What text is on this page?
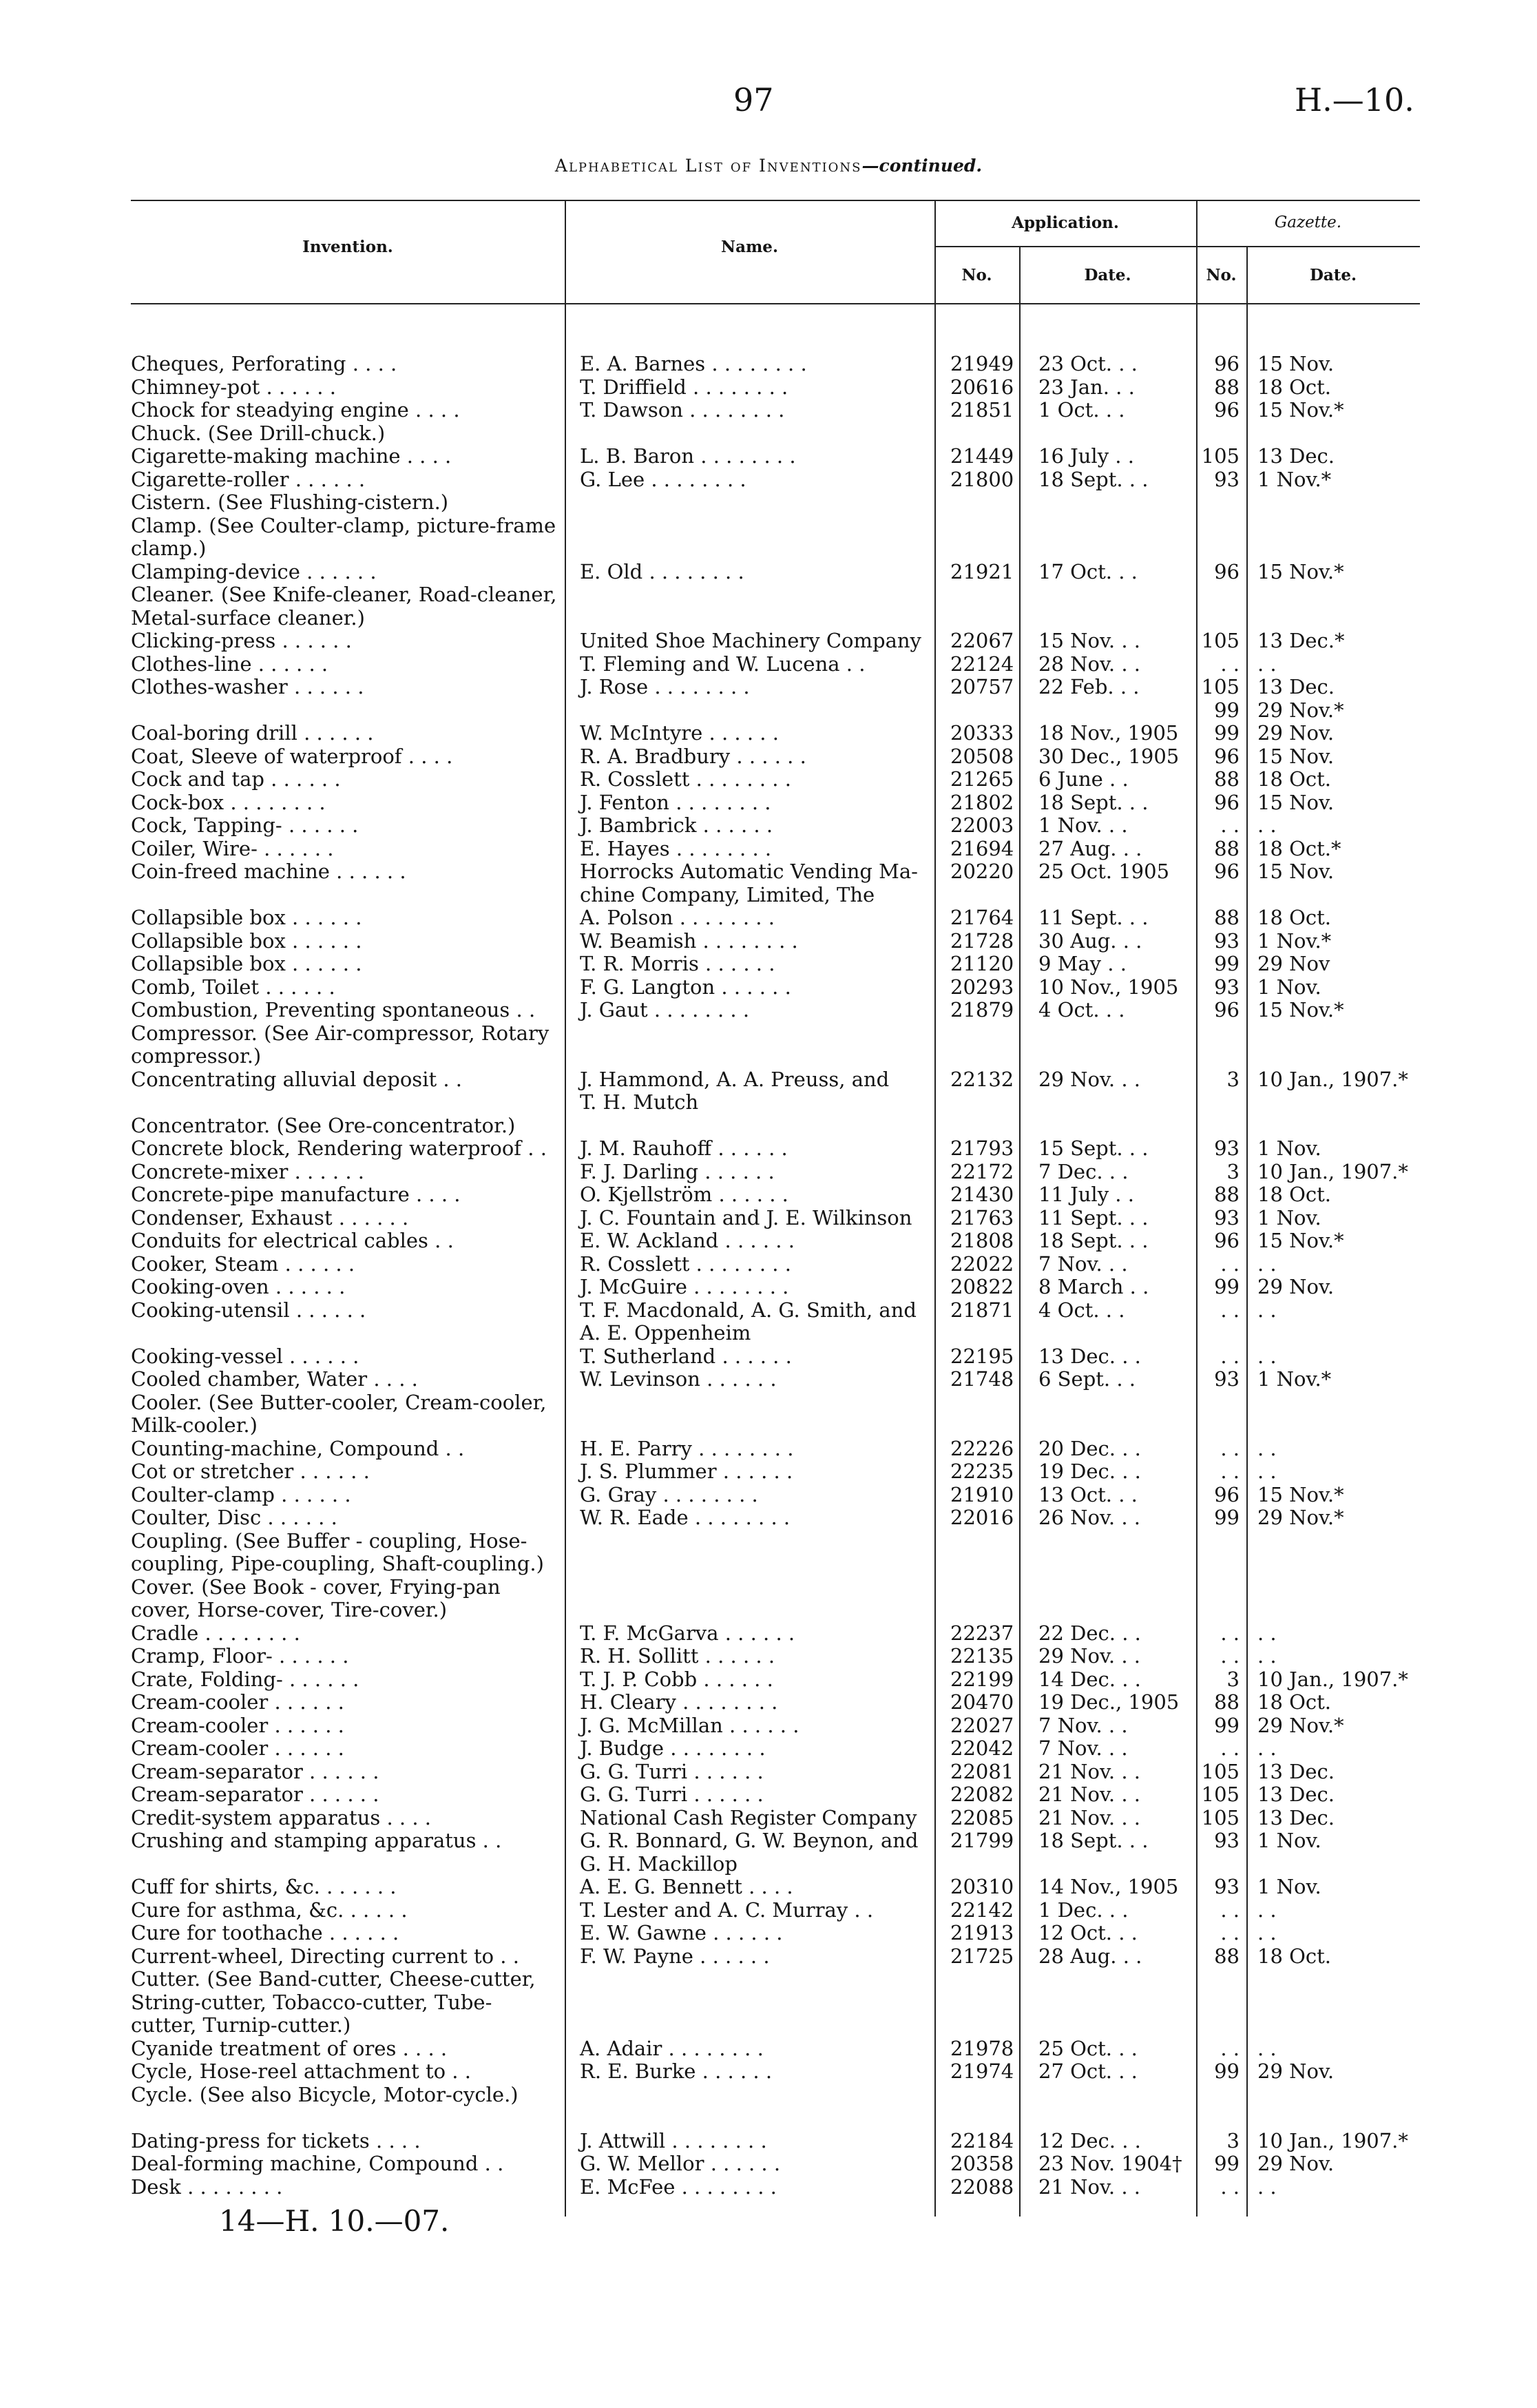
97	H.—10.
Alphabetical List of Inventions—continued.
Invention.	Name.
Application.	Gazette.
No.	Date.	No.	Date.
Cheques, Perforating . . . .	E. A. Barnes . . . . . . . .	21949 23 Oct. . .	96 15 Nov.
Chimney-pot . . . . . .	T. Driffield . . . . . . . .	20616 23 Jan. . .	88 18 Oct.
Chock for steadying engine . . . .	T. Dawson . . . . . . . .	21851 1 Oct. . .	96 15 Nov.*
Chuck. (See Drill-chuck.)
Cigarette-making machine . . . .	L. B. Baron . . . . . . . .	21449 16 July . .	105 13 Dec.
Cigarette-roller . . . . . .	G. Lee . . . . . . . .	21800 18 Sept. . .	93 1 Nov.*
Cistern. (See Flushing-cistern.)
Clamp. (See Coulter-clamp, picture-frame
clamp.)
Clamping-device . . . . . .	E. Old . . . . . . . .	21921 17 Oct. . .	96 15 Nov.*
Cleaner. (See Knife-cleaner, Road-cleaner,
Metal-surface cleaner.)
Clicking-press . . . . . .	United Shoe Machinery Company 22067 15 Nov. . .	105 13 Dec.*
Clothes-line . . . . . .	T. Fleming and W. Lucena . .	22124 28 Nov. . .	. . . .
Clothes-washer . . . . . .	J. Rose . . . . . . . .	20757 22 Feb. . .	105 13 Dec.
99 29 Nov.*
Coal-boring drill . . . . . .	W. McIntyre . . . . . .	20333 18 Nov., 1905	99 29 Nov.
Coat, Sleeve of waterproof . . . .	R. A. Bradbury . . . . . .	20508 30 Dec., 1905	96 15 Nov.
Cock and tap . . . . . .	R. Cosslett . . . . . . . .	21265 6 June . .	88 18 Oct.
Cock-box . . . . . . . .	J. Fenton . . . . . . . .	21802 18 Sept. . .	96 15 Nov.
Cock, Tapping- . . . . . .	J. Bambrick . . . . . .	22003 1 Nov. . .	. . . .
Coiler, Wire- . . . . . .	E. Hayes . . . . . . . .	21694 27 Aug. . .	88 18 Oct.*
Coin-freed machine . . . . . .	Horrocks Automatic Vending Ma- 20220 25 Oct. 1905	96 15 Nov.
chine Company, Limited, The
Collapsible box . . . . . .	A. Polson . . . . . . . .	21764 11 Sept. . .	88 18 Oct.
Collapsible box . . . . . .	W. Beamish . . . . . . . .	21728 30 Aug. . .	93 1 Nov.*
Collapsible box . . . . . .	T. R. Morris . . . . . .	21120 9 May . .	99 29 Nov
Comb, Toilet . . . . . .	F. G. Langton . . . . . .	20293 10 Nov., 1905	93 1 Nov.
Combustion, Preventing spontaneous . . J. Gaut . . . . . . . .	21879 4 Oct. . .	96 15 Nov.*
Compressor. (See Air-compressor, Rotary
compressor.)
Concentrating alluvial deposit . .	J. Hammond, A. A. Preuss, and	22132 29 Nov. . .	3 10 Jan., 1907.*
T. H. Mutch
Concentrator. (See Ore-concentrator.)
Concrete block, Rendering waterproof . . J. M. Rauhoff . . . . . .	21793 15 Sept. . .	93 1 Nov.
Concrete-mixer . . . . . .	F. J. Darling . . . . . .	22172 7 Dec. . .	3 10 Jan., 1907.*
Concrete-pipe manufacture . . . .	O. Kjellström . . . . . .	21430 11 July . .	88 18 Oct.
Condenser, Exhaust . . . . . .	J. C. Fountain and J. E. Wilkinson 21763 11 Sept. . .	93 1 Nov.
Conduits for electrical cables . .	E. W. Ackland . . . . . .	21808 18 Sept. . .	96 15 Nov.*
Cooker, Steam . . . . . .	R. Cosslett . . . . . . . .	22022 7 Nov. . .	. . . .
Cooking-oven . . . . . .	J. McGuire . . . . . . . .	20822 8 March . .	99 29 Nov.
Cooking-utensil . . . . . .	T. F. Macdonald, A. G. Smith, and 21871 4 Oct. . .	. . . .
A. E. Oppenheim
Cooking-vessel . . . . . .	T. Sutherland . . . . . .	22195 13 Dec. . .	. . . .
Cooled chamber, Water . . . .	W. Levinson . . . . . .	21748 6 Sept. . .	93 1 Nov.*
Cooler. (See Butter-cooler, Cream-cooler,
Milk-cooler.)
Counting-machine, Compound . .	H. E. Parry . . . . . . . .	22226 20 Dec. . .	. . . .
Cot or stretcher . . . . . .	J. S. Plummer . . . . . .	22235 19 Dec. . .	. . . .
Coulter-clamp . . . . . .	G. Gray . . . . . . . .	21910 13 Oct. . .	96 15 Nov.*
Coulter, Disc . . . . . .	W. R. Eade . . . . . . . .	22016 26 Nov. . .	99 29 Nov.*
Coupling. (See Buffer - coupling, Hose-
coupling, Pipe-coupling, Shaft-coupling.)
Cover. (See Book - cover, Frying-pan
cover, Horse-cover, Tire-cover.)
Cradle . . . . . . . .	T. F. McGarva . . . . . .	22237 22 Dec. . .	. . . .
Cramp, Floor- . . . . . .	R. H. Sollitt . . . . . .	22135 29 Nov. . .	. . . .
Crate, Folding- . . . . . .	T. J. P. Cobb . . . . . .	22199 14 Dec. . .	3 10 Jan., 1907.*
Cream-cooler . . . . . .	H. Cleary . . . . . . . .	20470 19 Dec., 1905	88 18 Oct.
Cream-cooler . . . . . .	J. G. McMillan . . . . . .	22027 7 Nov. . .	99 29 Nov.*
Cream-cooler . . . . . .	J. Budge . . . . . . . .	22042 7 Nov. . .	. . . .
Cream-separator . . . . . .	G. G. Turri . . . . . .	22081 21 Nov. . .	105 13 Dec.
Cream-separator . . . . . .	G. G. Turri . . . . . .	22082 21 Nov. . .	105 13 Dec.
Credit-system apparatus . . . .	National Cash Register Company 22085 21 Nov. . .	105 13 Dec.
Crushing and stamping apparatus . .	G. R. Bonnard, G. W. Beynon, and 21799 18 Sept. . .	93 1 Nov.
G. H. Mackillop
Cuff for shirts, &c. . . . . . .	A. E. G. Bennett . . . .	20310 14 Nov., 1905	93 1 Nov.
Cure for asthma, &c. . . . . .	T. Lester and A. C. Murray . .	22142 1 Dec. . .	. . . .
Cure for toothache . . . . . .	E. W. Gawne . . . . . .	21913 12 Oct. . .	. . . .
Current-wheel, Directing current to . .	F. W. Payne . . . . . .	21725 28 Aug. . .	88 18 Oct.
Cutter. (See Band-cutter, Cheese-cutter,
String-cutter, Tobacco-cutter, Tube-
cutter, Turnip-cutter.)
Cyanide treatment of ores . . . .	A. Adair . . . . . . . .	21978 25 Oct. . .	. . . .
Cycle, Hose-reel attachment to . .	R. E. Burke . . . . . .	21974 27 Oct. . .	99 29 Nov.
Cycle. (See also Bicycle, Motor-cycle.)
Dating-press for tickets . . . .	J. Attwill . . . . . . . .	22184 12 Dec. . .	3 10 Jan., 1907.*
Deal-forming machine, Compound . .	G. W. Mellor . . . . . .	20358 23 Nov. 1904†	99 29 Nov.
Desk . . . . . . . .	E. McFee . . . . . . . .	22088 21 Nov. . .	. . . .
14—H. 10.—07.
